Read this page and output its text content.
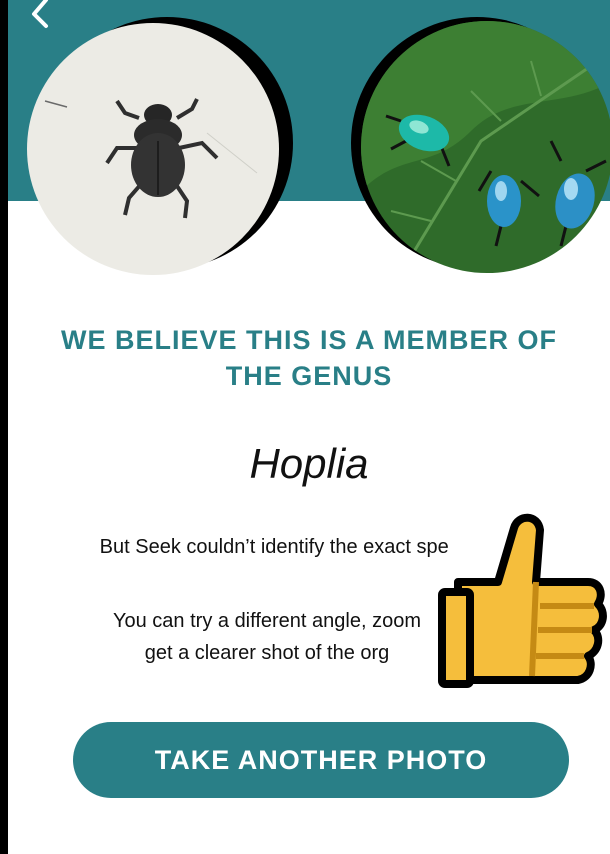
WE BELIEVE THIS IS A MEMBER OF THE GENUS
Hoplia
But Seek couldn’t identify the exact spe
You can try a different angle, zoom
get a clearer shot of the org
TAKE ANOTHER PHOTO
